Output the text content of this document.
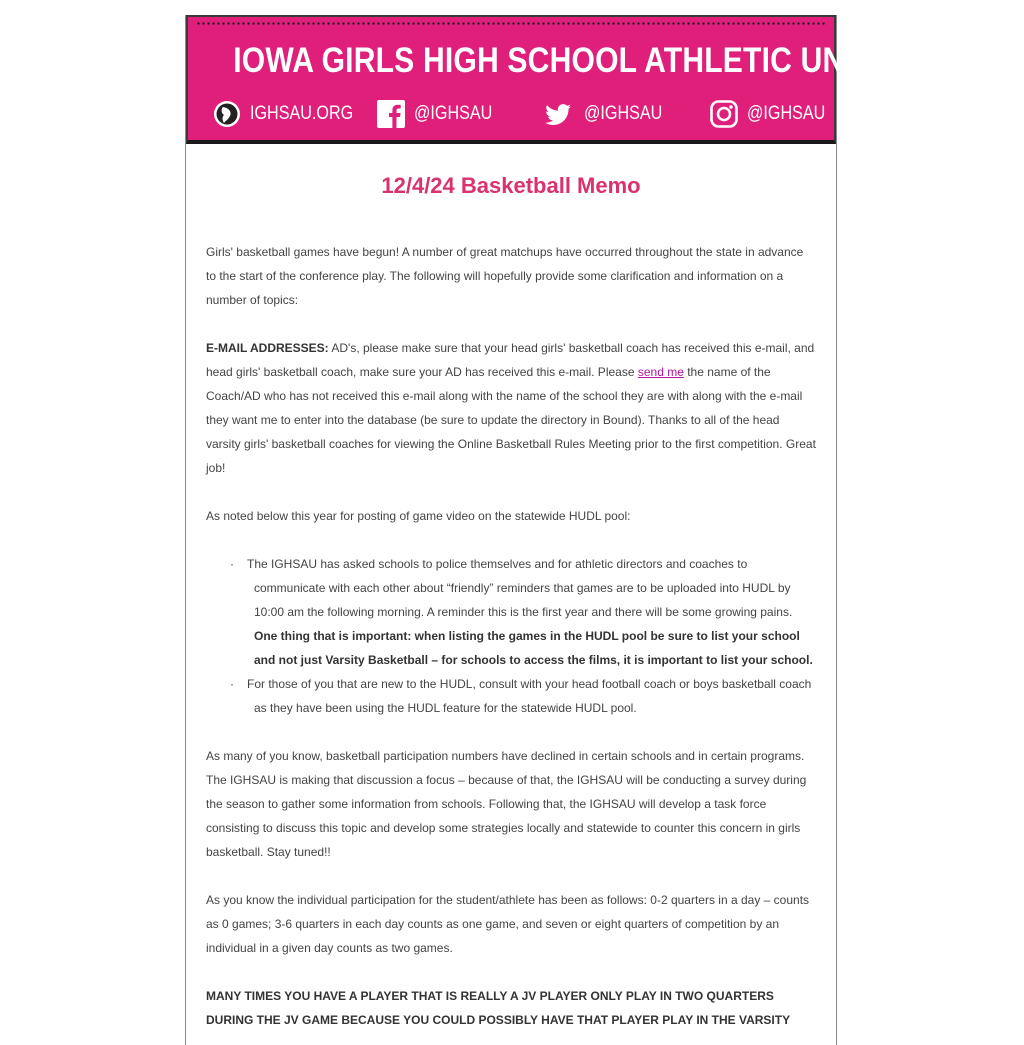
IOWA GIRLS HIGH SCHOOL ATHLETIC UNION
IGHSAU.ORG	@IGHSAU	@IGHSAU	@IGHSAU
12/4/24 Basketball Memo

Girls' basketball games have begun! A number of great matchups have occurred throughout the state in advance to the start of the conference play. The following will hopefully provide some clarification and information on a number of topics:

E-MAIL ADDRESSES: AD's, please make sure that your head girls' basketball coach has received this e-mail, and head girls' basketball coach, make sure your AD has received this e-mail. Please send me the name of the Coach/AD who has not received this e-mail along with the name of the school they are with along with the e-mail they want me to enter into the database (be sure to update the directory in Bound). Thanks to all of the head varsity girls' basketball coaches for viewing the Online Basketball Rules Meeting prior to the first competition. Great job!

As noted below this year for posting of game video on the statewide HUDL pool:

· The IGHSAU has asked schools to police themselves and for athletic directors and coaches to communicate with each other about “friendly” reminders that games are to be uploaded into HUDL by 10:00 am the following morning. A reminder this is the first year and there will be some growing pains. One thing that is important: when listing the games in the HUDL pool be sure to list your school and not just Varsity Basketball – for schools to access the films, it is important to list your school.
· For those of you that are new to the HUDL, consult with your head football coach or boys basketball coach as they have been using the HUDL feature for the statewide HUDL pool.

As many of you know, basketball participation numbers have declined in certain schools and in certain programs. The IGHSAU is making that discussion a focus – because of that, the IGHSAU will be conducting a survey during the season to gather some information from schools. Following that, the IGHSAU will develop a task force consisting to discuss this topic and develop some strategies locally and statewide to counter this concern in girls basketball. Stay tuned!!

As you know the individual participation for the student/athlete has been as follows: 0-2 quarters in a day – counts as 0 games; 3-6 quarters in each day counts as one game, and seven or eight quarters of competition by an individual in a given day counts as two games.

MANY TIMES YOU HAVE A PLAYER THAT IS REALLY A JV PLAYER ONLY PLAY IN TWO QUARTERS DURING THE JV GAME BECAUSE YOU COULD POSSIBLY HAVE THAT PLAYER PLAY IN THE VARSITY
